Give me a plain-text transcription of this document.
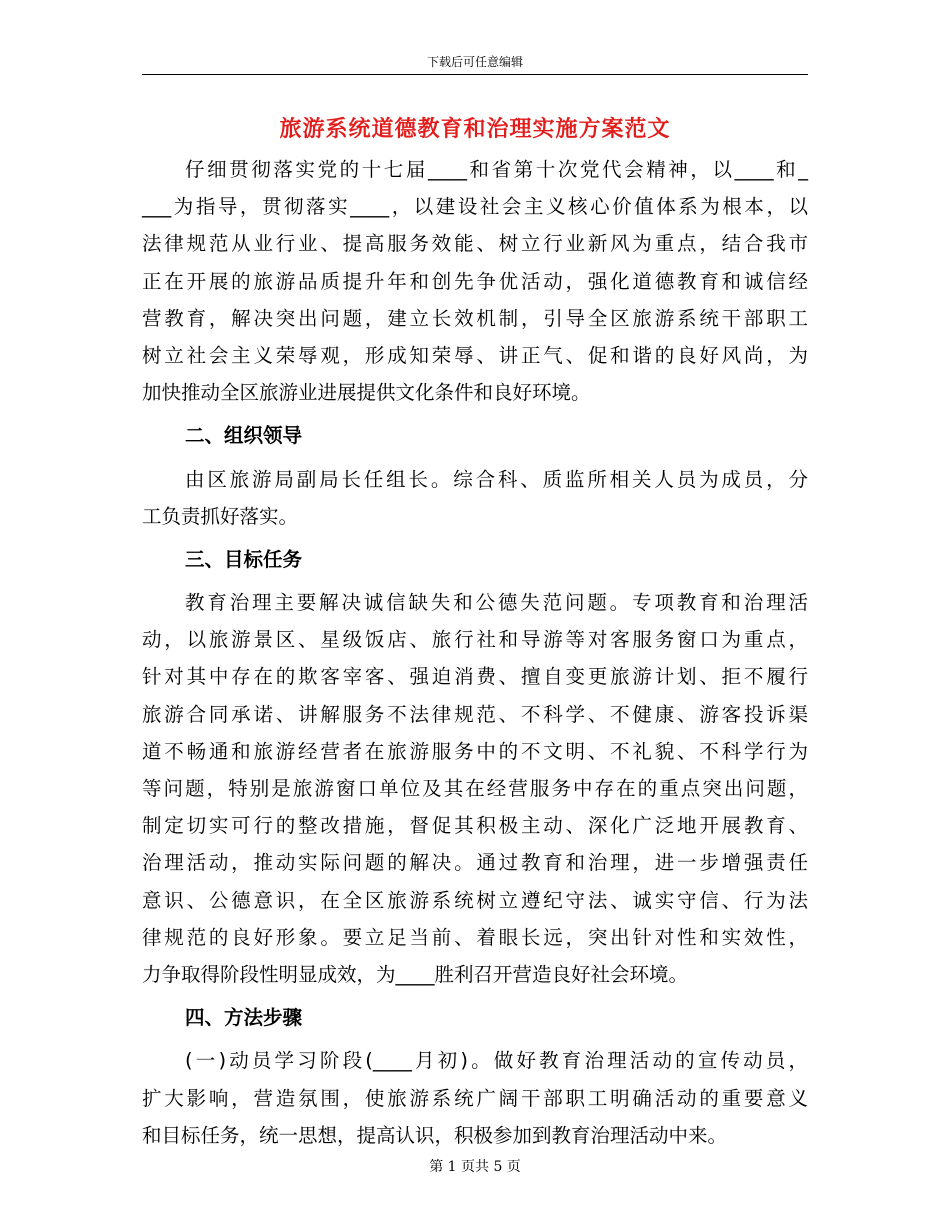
下载后可任意编辑
旅游系统道德教育和治理实施方案范文
仔细贯彻落实党的十七届____和省第十次党代会精神，以____和_
___为指导，贯彻落实____，以建设社会主义核心价值体系为根本，以
法律规范从业行业、提高服务效能、树立行业新风为重点，结合我市
正在开展的旅游品质提升年和创先争优活动，强化道德教育和诚信经
营教育，解决突出问题，建立长效机制，引导全区旅游系统干部职工
树立社会主义荣辱观，形成知荣辱、讲正气、促和谐的良好风尚，为
加快推动全区旅游业进展提供文化条件和良好环境。
二、组织领导
由区旅游局副局长任组长。综合科、质监所相关人员为成员，分
工负责抓好落实。
三、目标任务
教育治理主要解决诚信缺失和公德失范问题。专项教育和治理活
动，以旅游景区、星级饭店、旅行社和导游等对客服务窗口为重点，
针对其中存在的欺客宰客、强迫消费、擅自变更旅游计划、拒不履行
旅游合同承诺、讲解服务不法律规范、不科学、不健康、游客投诉渠
道不畅通和旅游经营者在旅游服务中的不文明、不礼貌、不科学行为
等问题，特别是旅游窗口单位及其在经营服务中存在的重点突出问题，
制定切实可行的整改措施，督促其积极主动、深化广泛地开展教育、
治理活动，推动实际问题的解决。通过教育和治理，进一步增强责任
意识、公德意识，在全区旅游系统树立遵纪守法、诚实守信、行为法
律规范的良好形象。要立足当前、着眼长远，突出针对性和实效性，
力争取得阶段性明显成效，为____胜利召开营造良好社会环境。
四、方法步骤
(一)动员学习阶段(____月初)。做好教育治理活动的宣传动员，
扩大影响，营造氛围，使旅游系统广阔干部职工明确活动的重要意义
和目标任务，统一思想，提高认识，积极参加到教育治理活动中来。
第 1 页共 5 页
